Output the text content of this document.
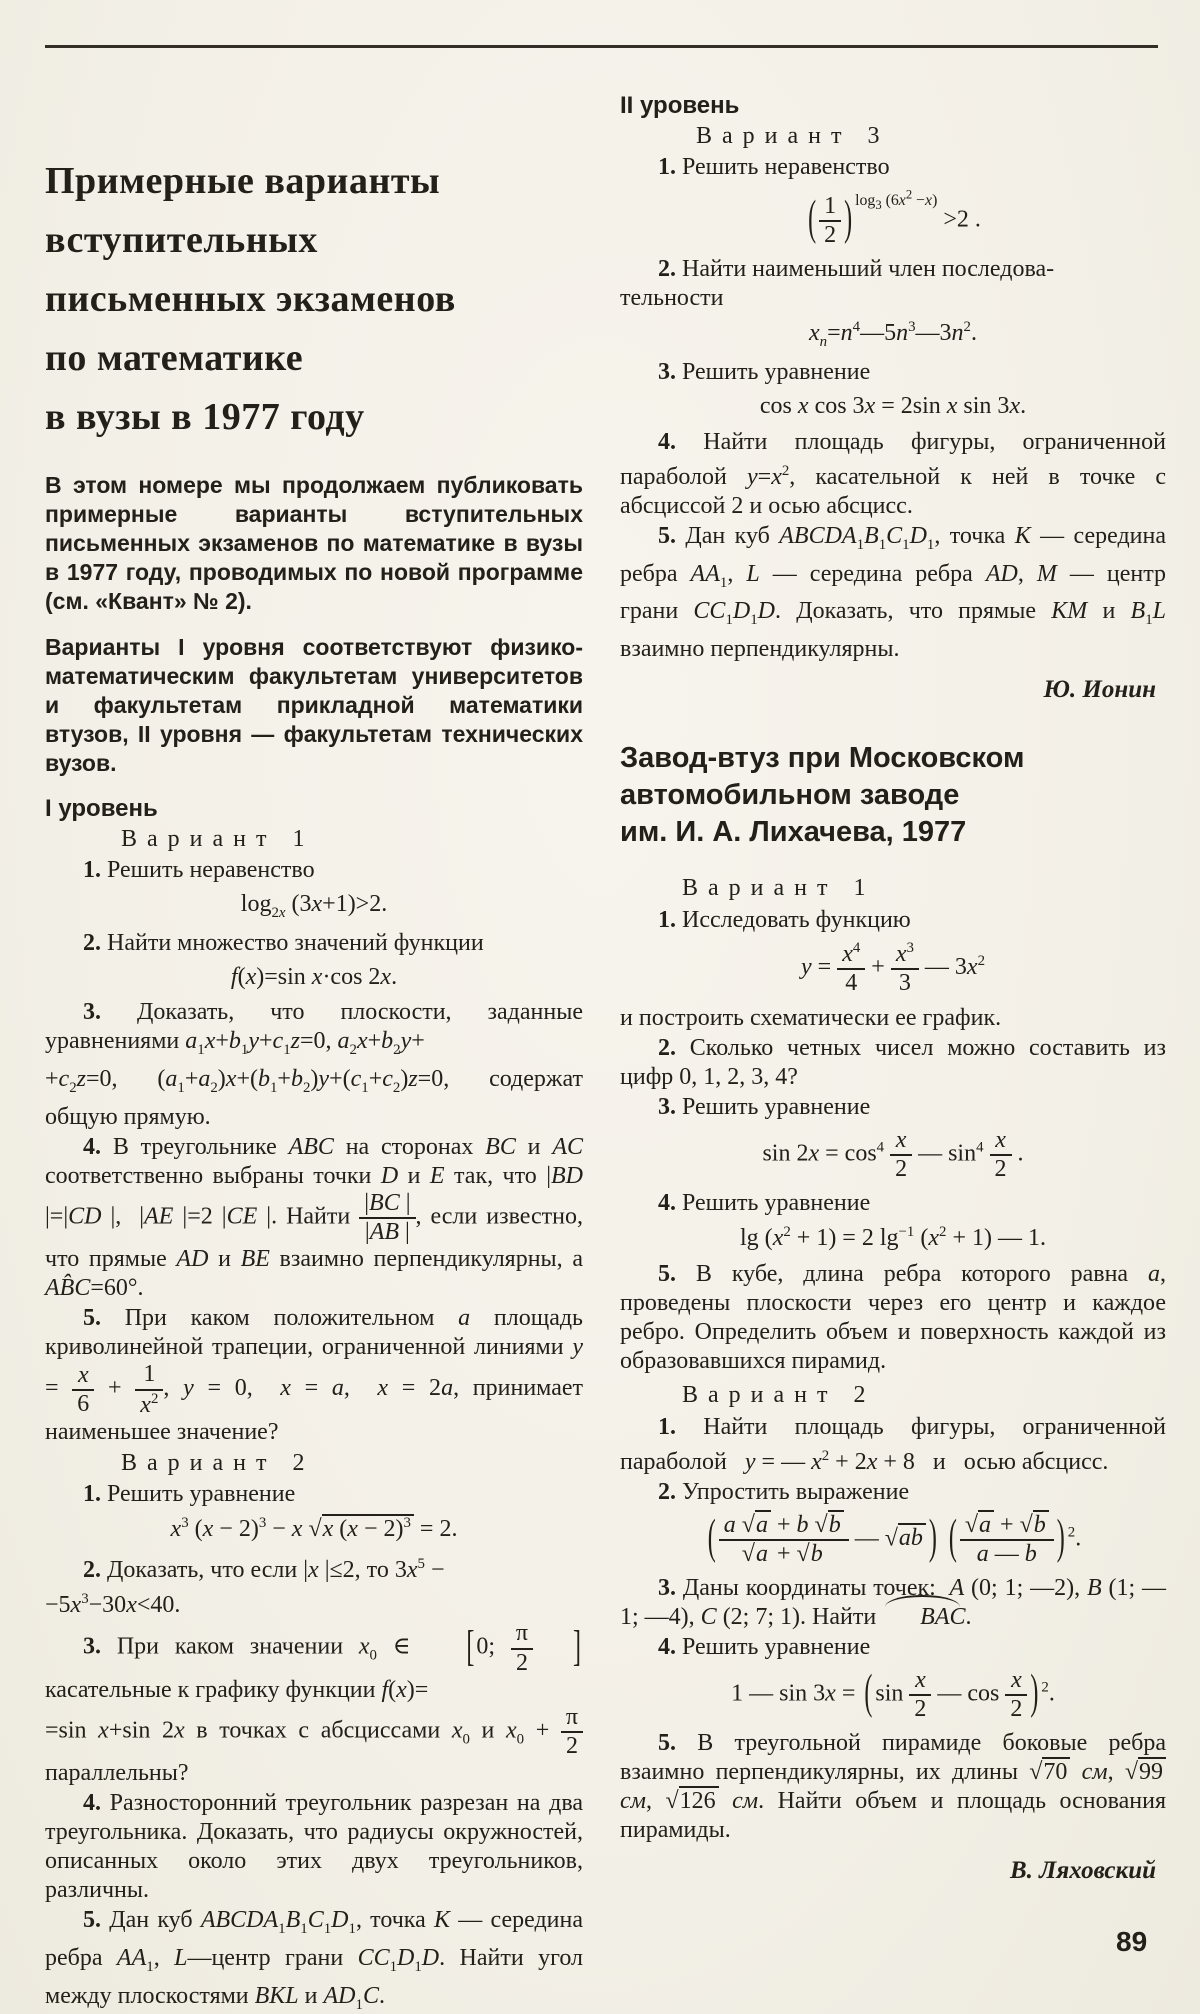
Примерные варианты
вступительных
письменных экзаменов
по математике
в вузы в 1977 году

В этом номере мы продолжаем публиковать примерные варианты вступительных письменных экзаменов по математике в вузы в 1977 году, проводимых по новой программе (см. «Квант» № 2).

Варианты I уровня соответствуют физико-математическим факультетам университетов и факультетам прикладной математики втузов, II уровня — факультетам технических вузов.

I уровень
Вариант 1

1. Решить неравенство
$\log_{2x} (3x+1)>2$.

2. Найти множество значений функции
f(x)=sin x·cos 2x.

3. Доказать, что плоскости, заданные уравнениями $a_1x+b_1y+c_1z=0$, $a_2x+b_2y+$
$+c_2z=0$, $(a_1+a_2)x+(b_1+b_2)y+(c_1+c_2)z=0$, содержат общую прямую.

4. В треугольнике ABC на сторонах BC и AC соответственно выбраны точки D и E так, что |BD |=|CD |,  |AE |=2 |CE |. Найти $\frac{|BC |}{|AB |}$ , если известно, что прямые AD и BE взаимно перпендикулярны, а AB̂C=60°.

5. При каком положительном a площадь криволинейной трапеции, ограниченной линиями $y = \frac{x}{6} + \frac{1}{x^2}$ , y = 0,  x = a,  x = 2a, принимает наименьшее значение?

Вариант 2

1. Решить уравнение
$x^3$ $(x - 2)^3 - x$ √x $(x - 2)^3 = 2$.

2. Доказать, что если |x |≤2, то $3x^5$ −
$-5x^3-30x<40$.

3. При каком значении $x_0$ ∈ [0; $\frac{\pi}{2}$ ] касательные к графику функции f(x)=
=sin x+sin 2x в точках с абсциссами $x_0$ и $x_0 + \frac{\pi}{2}$
параллельны?

4. Разносторонний треугольник разрезан на два треугольника. Доказать, что радиусы окружностей, описанных около этих двух треугольников, различны.

5. Дан куб $ABCDA_1B_1C_1D_1$, точка K — середина ребра $AA_1$, L—центр грани $CC_1D_1D$. Найти угол между плоскостями BKL и $AD_1C$.

II уровень
Вариант 3

1. Решить неравенство
( $\frac{1}{2}$ ) $^{log_3 (6x^2 -x)}$ >2 .

2. Найти наименьший член последова-
тельности
$x_n=n^4—5n^3—3n^2$.

3. Решить уравнение
cos x cos 3x = 2sin x sin 3x.

4. Найти площадь фигуры, ограниченной параболой $y=x^2$, касательной к ней в точке с абсциссой 2 и осью абсцисс.

5. Дан куб $ABCDA_1B_1C_1D_1$, точка K — середина ребра $AA_1$, L — середина ребра AD, M — центр грани $CC_1D_1D$. Доказать, что прямые KM и $B_1L$ взаимно перпендикулярны.

Ю. Ионин
Завод-втуз при Московском
автомобильном заводе
им. И. А. Лихачева, 1977
Вариант 1

1. Исследовать функцию
$y = \frac{x^4}{4} + \frac{x^3}{3}$ — $3x^2$
и построить схематически ее график.

2. Сколько четных чисел можно составить из цифр 0, 1, 2, 3, 4?

3. Решить уравнение
$\sin 2x = \cos^4 \frac{x}{2}$ — $\sin^4 \frac{x}{2}$ .

4. Решить уравнение
$\lg (x^2 + 1) = 2$ $\lg^{-1} (x^2 + 1)$ — 1.

5. В кубе, длина ребра которого равна a, проведены плоскости через его центр и каждое ребро. Определить объем и поверхность каждой из образовавшихся пирамид.

Вариант 2

1. Найти площадь фигуры, ограниченной параболой   y = — $x^2 + 2x + 8$   и   осью абсцисс.

2. Упростить выражение
( $\frac{a √a + b √b}{√a + √b}$ — √ab ) ( $\frac{√a + √b}{a — b}$ ) $^2$.

3. Даны координаты точек:  A (0; 1; —2), B (1; —1; —4), C (2; 7; 1). Найти BAC.

4. Решить уравнение
1 — sin 3x = ( $\sin \frac{x}{2}$ — $\cos \frac{x}{2}$ ) $^2$.

5. В треугольной пирамиде боковые ребра взаимно перпендикулярны, их длины √70 см, √99 см, √126 см. Найти объем и площадь основания пирамиды.

В. Ляховский
89
